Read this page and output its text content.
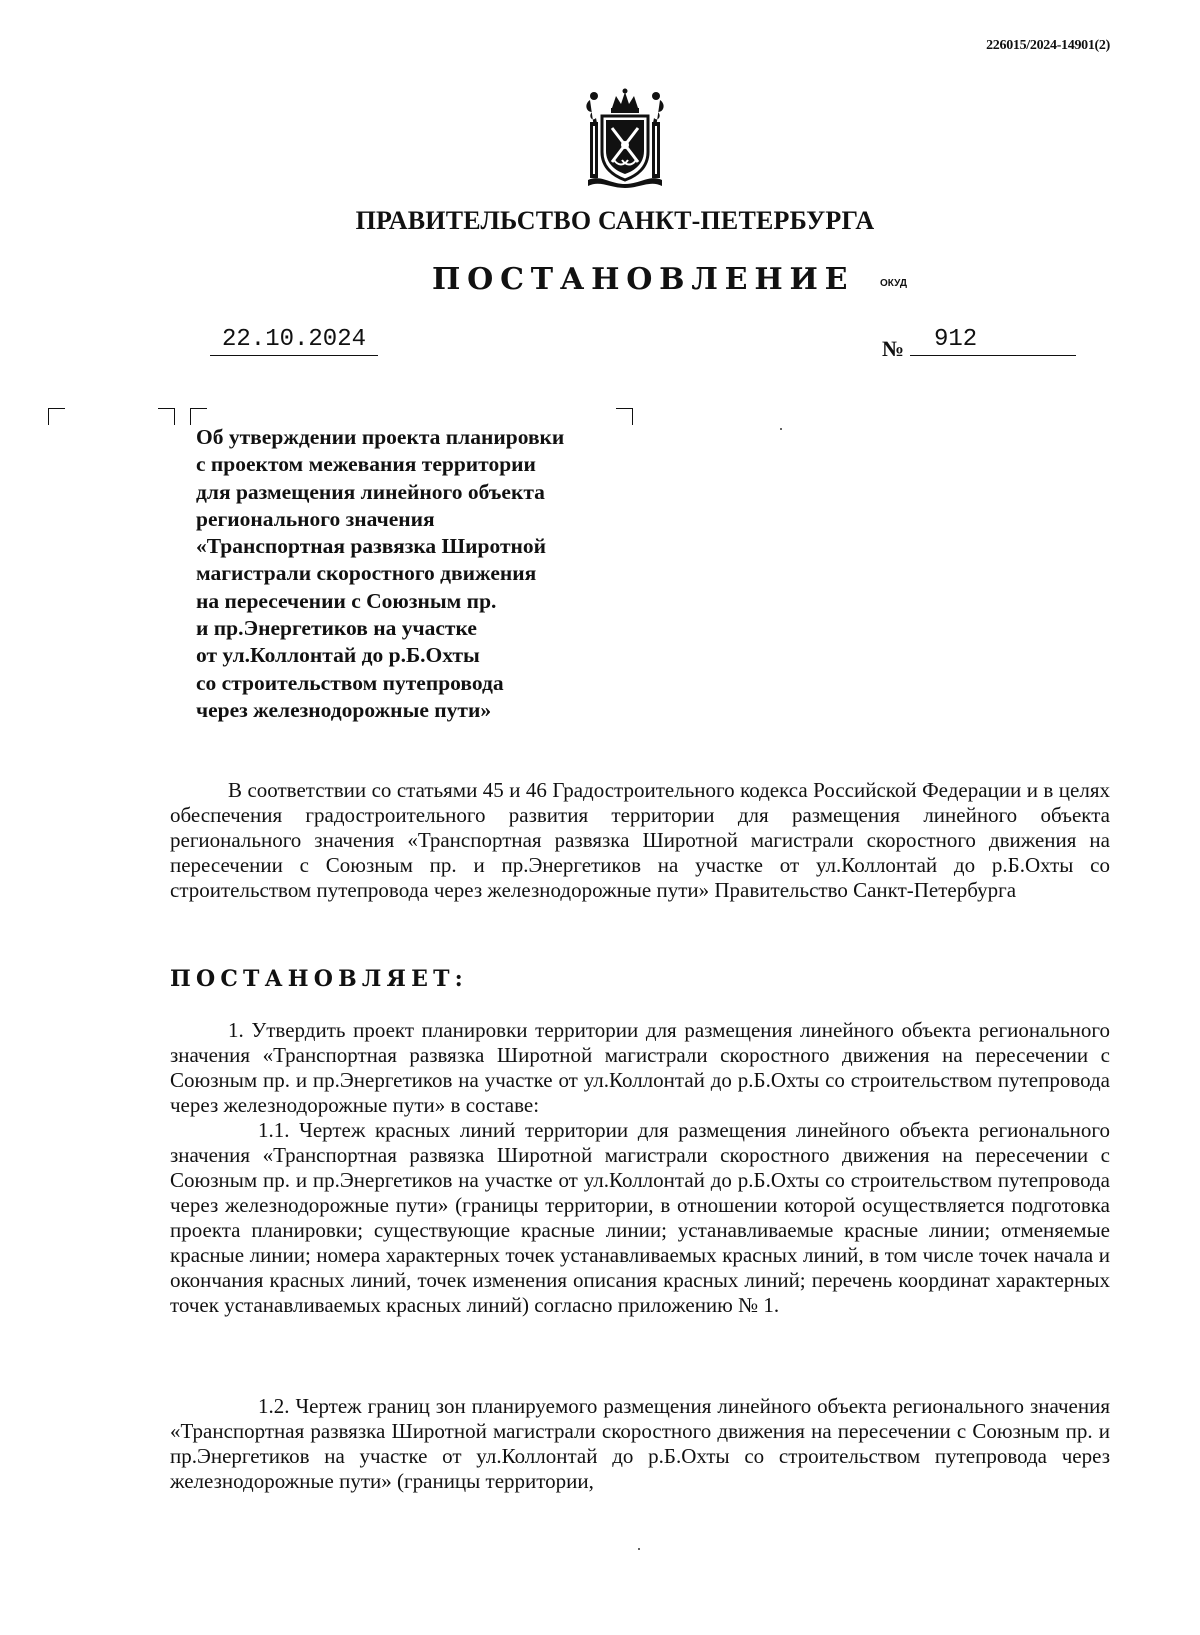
226015/2024-14901(2)
ПРАВИТЕЛЬСТВО САНКТ-ПЕТЕРБУРГА
ПОСТАНОВЛЕНИЕ	ОКУД
22.10.2024	№	912
Об утверждении проекта планировки
с проектом межевания территории
для размещения линейного объекта
регионального значения
«Транспортная развязка Широтной
магистрали скоростного движения
на пересечении с Союзным пр.
и пр.Энергетиков на участке
от ул.Коллонтай до р.Б.Охты
со строительством путепровода
через железнодорожные пути»
В соответствии со статьями 45 и 46 Градостроительного кодекса Российской Федерации и в целях обеспечения градостроительного развития территории для размещения линейного объекта регионального значения «Транспортная развязка Широтной магистрали скоростного движения на пересечении с Союзным пр. и пр.Энергетиков на участке от ул.Коллонтай до р.Б.Охты со строительством путепровода через железнодорожные пути» Правительство Санкт-Петербурга
ПОСТАНОВЛЯЕТ:
1. Утвердить проект планировки территории для размещения линейного объекта регионального значения «Транспортная развязка Широтной магистрали скоростного движения на пересечении с Союзным пр. и пр.Энергетиков на участке от ул.Коллонтай до р.Б.Охты со строительством путепровода через железнодорожные пути» в составе:
1.1. Чертеж красных линий территории для размещения линейного объекта регионального значения «Транспортная развязка Широтной магистрали скоростного движения на пересечении с Союзным пр. и пр.Энергетиков на участке от ул.Коллонтай до р.Б.Охты со строительством путепровода через железнодорожные пути» (границы территории, в отношении которой осуществляется подготовка проекта планировки; существующие красные линии; устанавливаемые красные линии; отменяемые красные линии; номера характерных точек устанавливаемых красных линий, в том числе точек начала и окончания красных линий, точек изменения описания красных линий; перечень координат характерных точек устанавливаемых красных линий) согласно приложению № 1.
1.2. Чертеж границ зон планируемого размещения линейного объекта регионального значения «Транспортная развязка Широтной магистрали скоростного движения на пересечении с Союзным пр. и пр.Энергетиков на участке от ул.Коллонтай до р.Б.Охты со строительством путепровода через железнодорожные пути» (границы территории,
